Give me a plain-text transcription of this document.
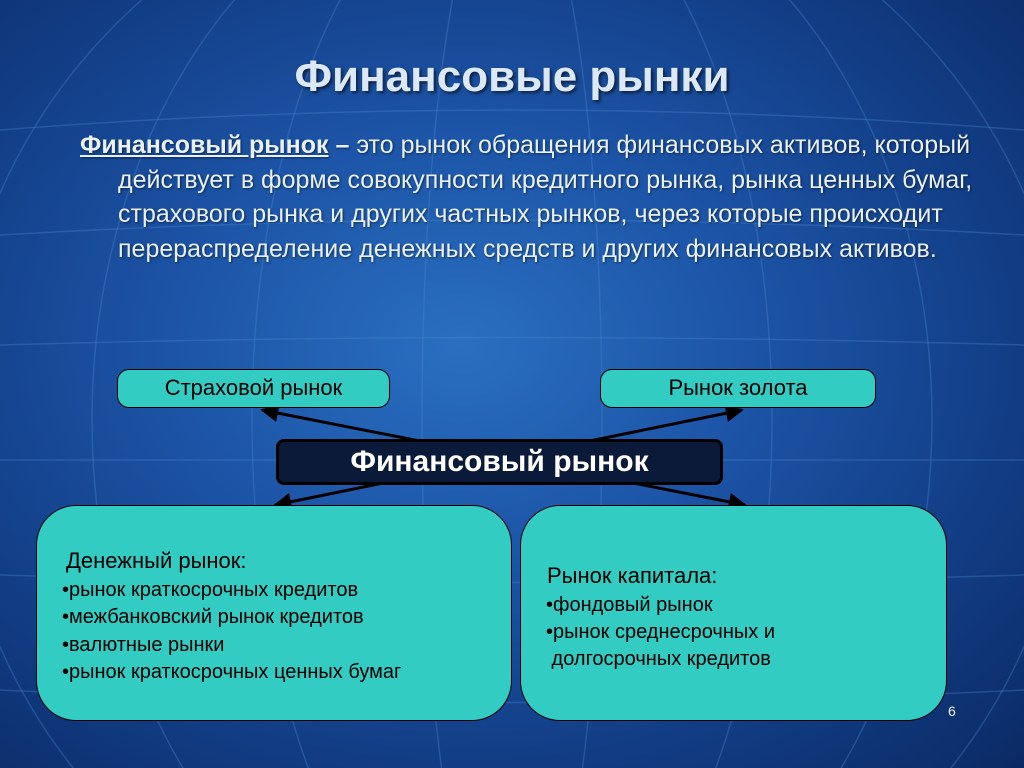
Финансовые рынки
Финансовый рынок – это рынок обращения финансовых активов, который действует в форме совокупности кредитного рынка, рынка ценных бумаг, страхового рынка и других частных рынков, через которые происходит перераспределение денежных средств и других финансовых активов.
Страховой рынок	Рынок золота
Финансовый рынок
Денежный рынок:
•рынок краткосрочных кредитов
•межбанковский рынок кредитов
•валютные рынки
•рынок краткосрочных ценных бумаг
Рынок капитала:
•фондовый рынок
•рынок среднесрочных и
долгосрочных кредитов
6
